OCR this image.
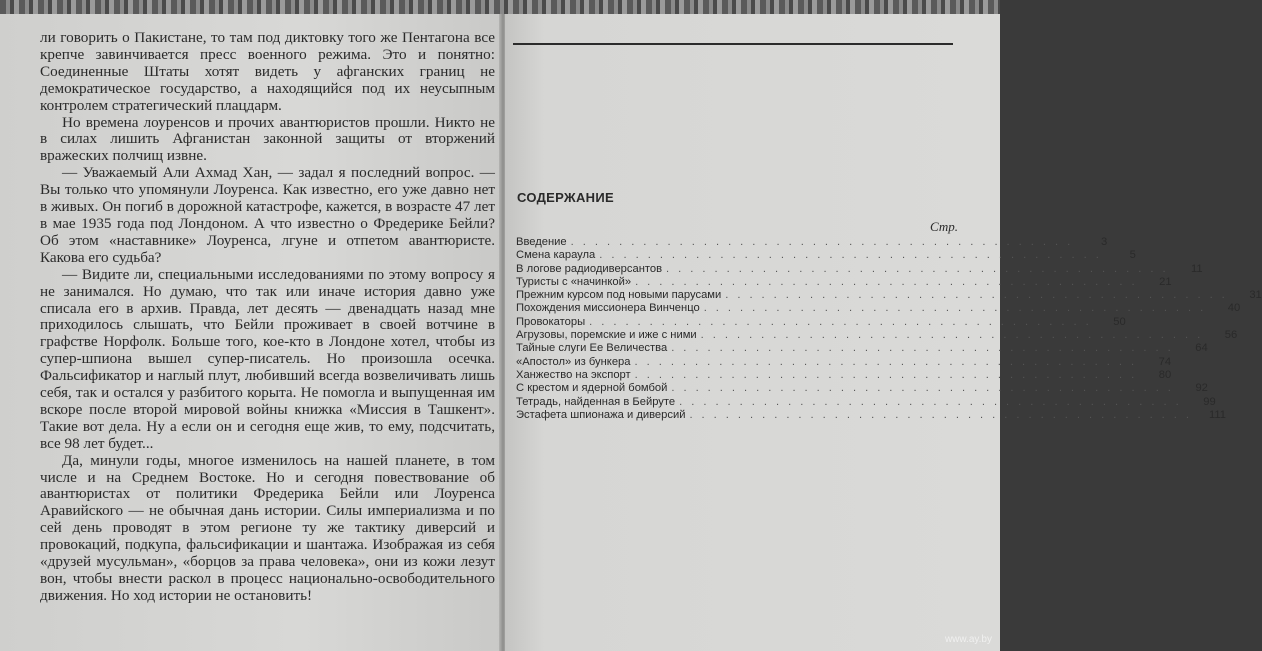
ли говорить о Пакистане, то там под диктовку того же Пентагона все крепче завинчивается пресс военного режима. Это и понятно: Соединенные Штаты хотят видеть у афганских границ не демократическое государство, а находящийся под их неусыпным контролем стратегический плацдарм.

Но времена лоуренсов и прочих авантюристов прошли. Никто не в силах лишить Афганистан законной защиты от вторжений вражеских полчищ извне.

— Уважаемый Али Ахмад Хан, — задал я последний вопрос. — Вы только что упомянули Лоуренса. Как известно, его уже давно нет в живых. Он погиб в дорожной катастрофе, кажется, в возрасте 47 лет в мае 1935 года под Лондоном. А что известно о Фредерике Бейли? Об этом «наставнике» Лоуренса, лгуне и отпетом авантюристе. Какова его судьба?

— Видите ли, специальными исследованиями по этому вопросу я не занимался. Но думаю, что так или иначе история давно уже списала его в архив. Правда, лет десять — двенадцать назад мне приходилось слышать, что Бейли проживает в своей вотчине в графстве Норфолк. Больше того, кое-кто в Лондоне хотел, чтобы из супер-шпиона вышел супер-писатель. Но произошла осечка. Фальсификатор и наглый плут, любивший всегда возвеличивать лишь себя, так и остался у разбитого корыта. Не помогла и выпущенная им вскоре после второй мировой войны книжка «Миссия в Ташкент». Такие вот дела. Ну а если он и сегодня еще жив, то ему, подсчитать, все 98 лет будет...

Да, минули годы, многое изменилось на нашей планете, в том числе и на Среднем Востоке. Но и сегодня повествование об авантюристах от политики Фредерика Бейли или Лоуренса Аравийского — не обычная дань истории. Силы империализма и по сей день проводят в этом регионе ту же тактику диверсий и провокаций, подкупа, фальсификации и шантажа. Изображая из себя «друзей мусульман», «борцов за права человека», они из кожи лезут вон, чтобы внести раскол в процесс национально-освободительного движения. Но ход истории не остановить!

СОДЕРЖАНИЕ
Стр.
Введение ..........................................	3
Смена караула ..........................................	5
В логове радиодиверсантов ..........................................	11
Туристы с «начинкой» ..........................................	21
Прежним курсом под новыми парусами ..........................................	31
Похождения миссионера Винченцо ..........................................	40
Провокаторы ..........................................	50
Агрузовы, поремские и иже с ними ..........................................	56
Тайные слуги Ее Величества ..........................................	64
«Апостол» из бункера ..........................................	74
Ханжество на экспорт ..........................................	80
С крестом и ядерной бомбой ..........................................	92
Тетрадь, найденная в Бейруте ..........................................	99
Эстафета шпионажа и диверсий .......................................... 111
www.ay.by
